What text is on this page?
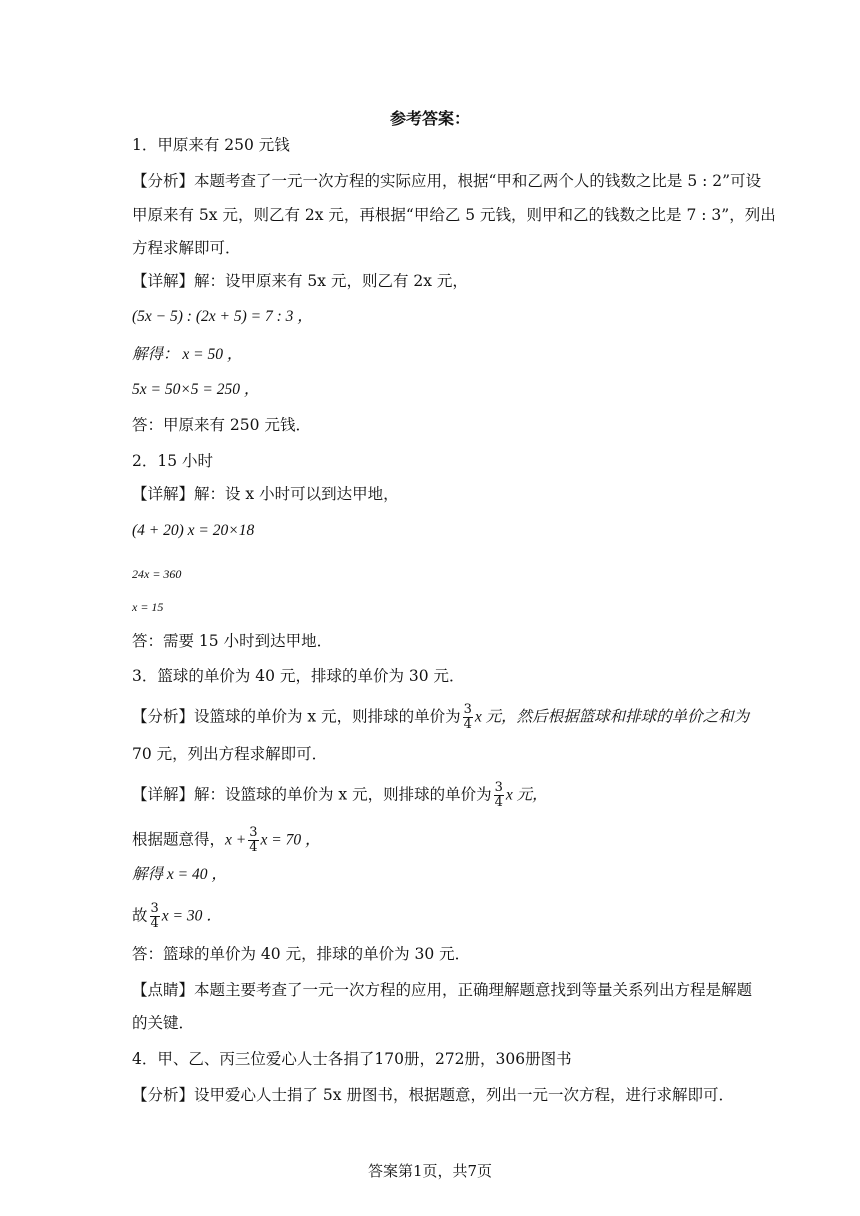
参考答案：
1．甲原来有 250 元钱
【分析】本题考查了一元一次方程的实际应用，根据“甲和乙两个人的钱数之比是 5 : 2”可设
甲原来有 5x 元，则乙有 2x 元，再根据“甲给乙 5 元钱，则甲和乙的钱数之比是 7 : 3”，列出
方程求解即可．
【详解】解：设甲原来有 5x 元，则乙有 2x 元，
(5x − 5) : (2x + 5) = 7 : 3 ，
解得： x = 50 ，
5x = 50×5 = 250 ，
答：甲原来有 250 元钱．
2．15 小时
【详解】解：设 x 小时可以到达甲地，
(4 + 20) x = 20×18
24x = 360
x = 15
答：需要 15 小时到达甲地．
3．篮球的单价为 40 元，排球的单价为 30 元．
【分析】设篮球的单价为 x 元，则排球的单价为 $\frac{3}{4}$ x 元，然后根据篮球和排球的单价之和为
70 元，列出方程求解即可．
【详解】解：设篮球的单价为 x 元，则排球的单价为 $\frac{3}{4}$ x 元，
根据题意得，$x + \frac{3}{4}$ x = 70 ，
解得 x = 40 ，
故 $\frac{3}{4}$ x = 30 ．
答：篮球的单价为 40 元，排球的单价为 30 元．
【点睛】本题主要考查了一元一次方程的应用，正确理解题意找到等量关系列出方程是解题
的关键．
4．甲、乙、丙三位爱心人士各捐了170册，272册，306册图书
【分析】设甲爱心人士捐了 5x 册图书，根据题意，列出一元一次方程，进行求解即可．
答案第1页，共7页
